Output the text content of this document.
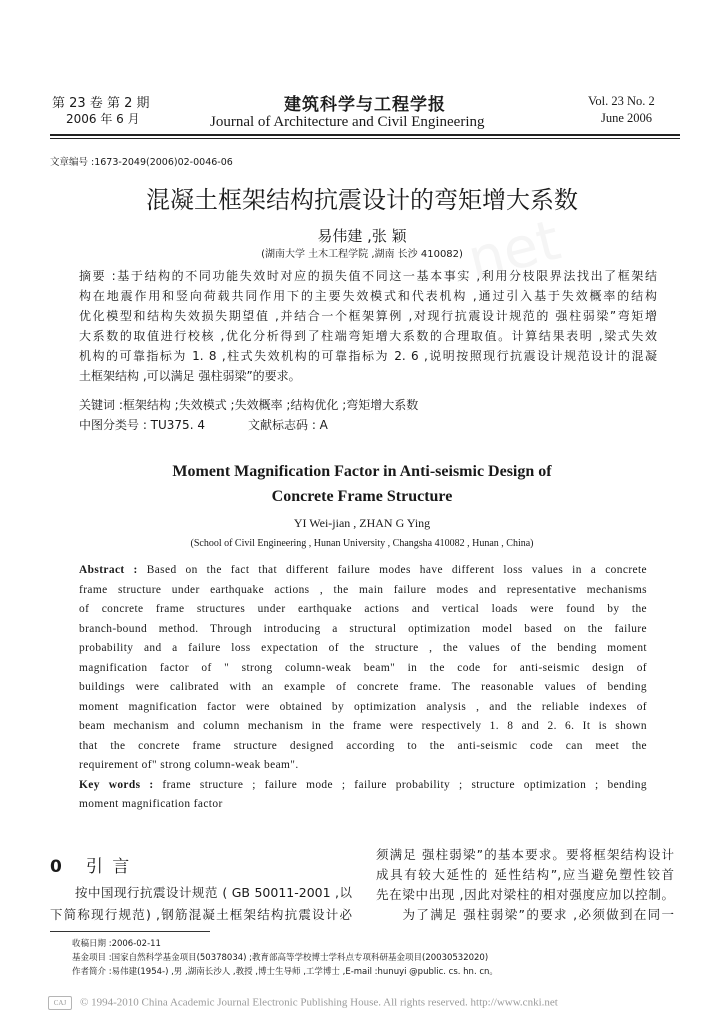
第 23 卷 第 2 期
2006 年 6 月
建筑科学与工程学报
Journal of Architecture and Civil Engineering
Vol. 23 No. 2
June 2006
文章编号 :1673-2049(2006)02-0046-06
混凝土框架结构抗震设计的弯矩增大系数
易伟建 ,张 颖
(湖南大学 土木工程学院 ,湖南 长沙 410082)
net
摘要 :基于结构的不同功能失效时对应的损失值不同这一基本事实 ,利用分枝限界法找出了框架结
构在地震作用和竖向荷载共同作用下的主要失效模式和代表机构 ,通过引入基于失效概率的结构
优化模型和结构失效损失期望值 ,并结合一个框架算例 ,对现行抗震设计规范的 强柱弱梁”弯矩增
大系数的取值进行校核 ,优化分析得到了柱端弯矩增大系数的合理取值。计算结果表明 ,梁式失效
机构的可靠指标为 1. 8 ,柱式失效机构的可靠指标为 2. 6 ,说明按照现行抗震设计规范设计的混凝
土框架结构 ,可以满足 强柱弱梁”的要求。
关键词 :框架结构 ;失效模式 ;失效概率 ;结构优化 ;弯矩增大系数
中图分类号 : TU375. 4	文献标志码 : A
Moment Magnification Factor in Anti-seismic Design of
Concrete Frame Structure
YI Wei-jian , ZHAN G Ying
(School of Civil Engineering , Hunan University , Changsha 410082 , Hunan , China)
Abstract : Based on the fact that different failure modes have different loss values in a concrete
frame structure under earthquake actions , the main failure modes and representative mechanisms
of concrete frame structures under earthquake actions and vertical loads were found by the
branch-bound method. Through introducing a structural optimization model based on the failure
probability and a failure loss expectation of the structure , the values of the bending moment
magnification factor of " strong column-weak beam" in the code for anti-seismic design of
buildings were calibrated with an example of concrete frame. The reasonable values of bending
moment magnification factor were obtained by optimization analysis , and the reliable indexes of
beam mechanism and column mechanism in the frame were respectively 1. 8 and 2. 6. It is shown
that the concrete frame structure designed according to the anti-seismic code can meet the
requirement of" strong column-weak beam".
Key words : frame structure ; failure mode ; failure probability ; structure optimization ; bending
moment magnification factor
0 引 言
按中国现行抗震设计规范 ( GB 50011-2001 ,以
下简称现行规范) ,钢筋混凝土框架结构抗震设计必
须满足 强柱弱梁”的基本要求。要将框架结构设计
成具有较大延性的 延性结构”,应当避免塑性铰首
先在梁中出现 ,因此对梁柱的相对强度应加以控制。
为了满足 强柱弱梁”的要求 ,必须做到在同一
收稿日期 :2006-02-11
基金项目 :国家自然科学基金项目(50378034) ;教育部高等学校博士学科点专项科研基金项目(20030532020)
作者简介 :易伟建(1954-) ,男 ,湖南长沙人 ,教授 ,博士生导师 ,工学博士 ,E-mail :hunuyi @public. cs. hn. cn。
CAJ © 1994-2010 China Academic Journal Electronic Publishing House. All rights reserved. http://www.cnki.net
